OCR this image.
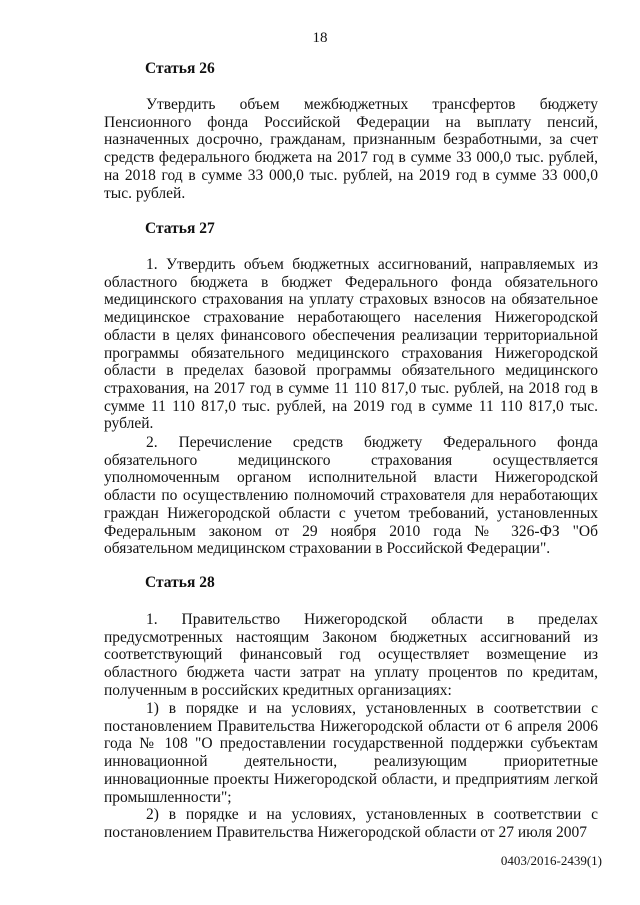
18
Статья 26
Утвердить объем межбюджетных трансфертов бюджету Пенсионного фонда Российской Федерации на выплату пенсий, назначенных досрочно, гражданам, признанным безработными, за счет средств федерального бюджета на 2017 год в сумме 33 000,0 тыс. рублей, на 2018 год в сумме 33 000,0 тыс. рублей, на 2019 год в сумме 33 000,0 тыс. рублей.
Статья 27
1. Утвердить объем бюджетных ассигнований, направляемых из областного бюджета в бюджет Федерального фонда обязательного медицинского страхования на уплату страховых взносов на обязательное медицинское страхование неработающего населения Нижегородской области в целях финансового обеспечения реализации территориальной программы обязательного медицинского страхования Нижегородской области в пределах базовой программы обязательного медицинского страхования, на 2017 год в сумме 11 110 817,0 тыс. рублей, на 2018 год в сумме 11 110 817,0 тыс. рублей, на 2019 год в сумме 11 110 817,0 тыс. рублей.
2. Перечисление средств бюджету Федерального фонда обязательного медицинского страхования осуществляется уполномоченным органом исполнительной власти Нижегородской области по осуществлению полномочий страхователя для неработающих граждан Нижегородской области с учетом требований, установленных Федеральным законом от 29 ноября 2010 года № 326-ФЗ "Об обязательном медицинском страховании в Российской Федерации".
Статья 28
1. Правительство Нижегородской области в пределах предусмотренных настоящим Законом бюджетных ассигнований из соответствующий финансовый год осуществляет возмещение из областного бюджета части затрат на уплату процентов по кредитам, полученным в российских кредитных организациях:
1) в порядке и на условиях, установленных в соответствии с постановлением Правительства Нижегородской области от 6 апреля 2006 года № 108 "О предоставлении государственной поддержки субъектам инновационной деятельности, реализующим приоритетные инновационные проекты Нижегородской области, и предприятиям легкой промышленности";
2) в порядке и на условиях, установленных в соответствии с постановлением Правительства Нижегородской области от 27 июля 2007
0403/2016-2439(1)
